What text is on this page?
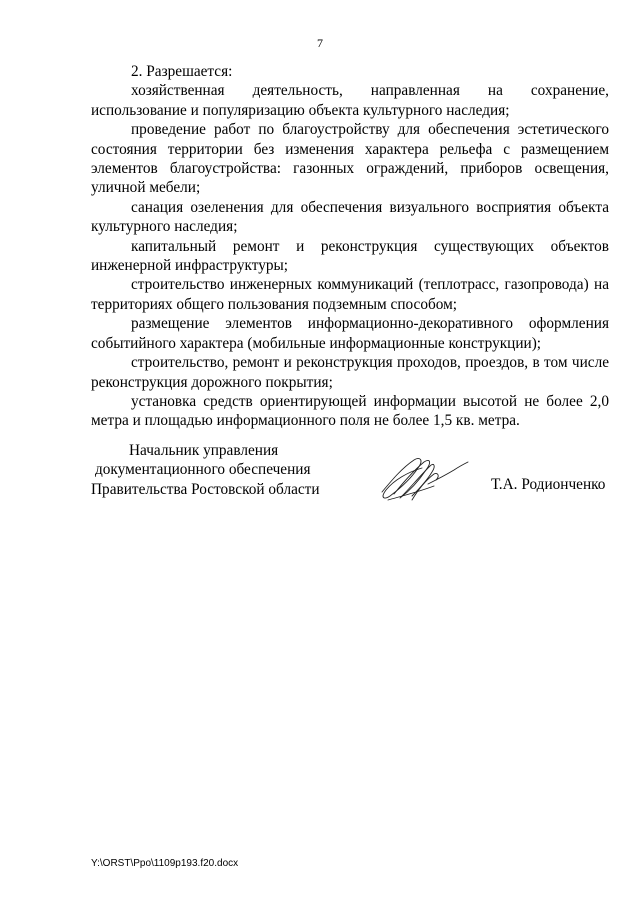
7

2. Разрешается:

хозяйственная деятельность, направленная на сохранение, использование и популяризацию объекта культурного наследия;

проведение работ по благоустройству для обеспечения эстетического состояния территории без изменения характера рельефа с размещением элементов благоустройства: газонных ограждений, приборов освещения, уличной мебели;

санация озеленения для обеспечения визуального восприятия объекта культурного наследия;

капитальный ремонт и реконструкция существующих объектов инженерной инфраструктуры;

строительство инженерных коммуникаций (теплотрасс, газопровода) на территориях общего пользования подземным способом;

размещение элементов информационно-декоративного оформления событийного характера (мобильные информационные конструкции);

строительство, ремонт и реконструкция проходов, проездов, в том числе реконструкция дорожного покрытия;

установка средств ориентирующей информации высотой не более 2,0 метра и площадью информационного поля не более 1,5 кв. метра.

Начальник управления
документационного обеспечения
Правительства Ростовской области	Т.А. Родионченко
Y:\ORST\Ppo\1109p193.f20.docx
